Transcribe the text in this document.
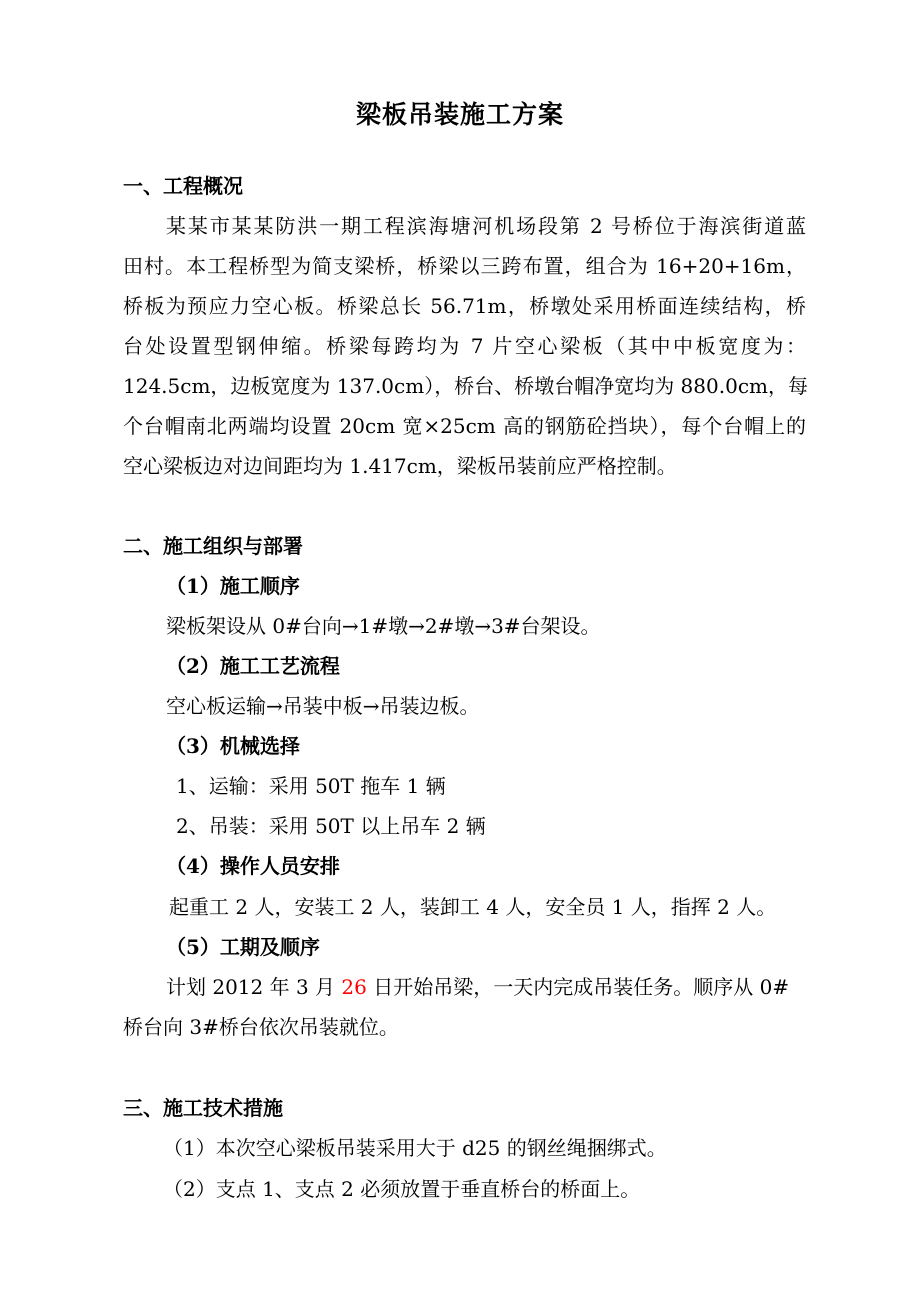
梁板吊装施工方案
一、工程概况
某某市某某防洪一期工程滨海塘河机场段第 2 号桥位于海滨街道蓝
田村。本工程桥型为简支梁桥，桥梁以三跨布置，组合为 16+20+16m，
桥板为预应力空心板。桥梁总长 56.71m，桥墩处采用桥面连续结构，桥
台处设置型钢伸缩。桥梁每跨均为 7 片空心梁板（其中中板宽度为：
124.5cm，边板宽度为 137.0cm），桥台、桥墩台帽净宽均为 880.0cm，每
个台帽南北两端均设置 20cm 宽×25cm 高的钢筋砼挡块），每个台帽上的
空心梁板边对边间距均为 1.417cm，梁板吊装前应严格控制。
二、施工组织与部署
（1）施工顺序
梁板架设从 0#台向→1#墩→2#墩→3#台架设。
（2）施工工艺流程
空心板运输→吊装中板→吊装边板。
（3）机械选择
1、运输：采用 50T 拖车 1 辆
2、吊装：采用 50T 以上吊车 2 辆
（4）操作人员安排
起重工 2 人，安装工 2 人，装卸工 4 人，安全员 1 人，指挥 2 人。
（5）工期及顺序
计划 2012 年 3 月 26 日开始吊梁，一天内完成吊装任务。顺序从 0#
桥台向 3#桥台依次吊装就位。
三、施工技术措施
（1）本次空心梁板吊装采用大于 d25 的钢丝绳捆绑式。
（2）支点 1、支点 2 必须放置于垂直桥台的桥面上。
